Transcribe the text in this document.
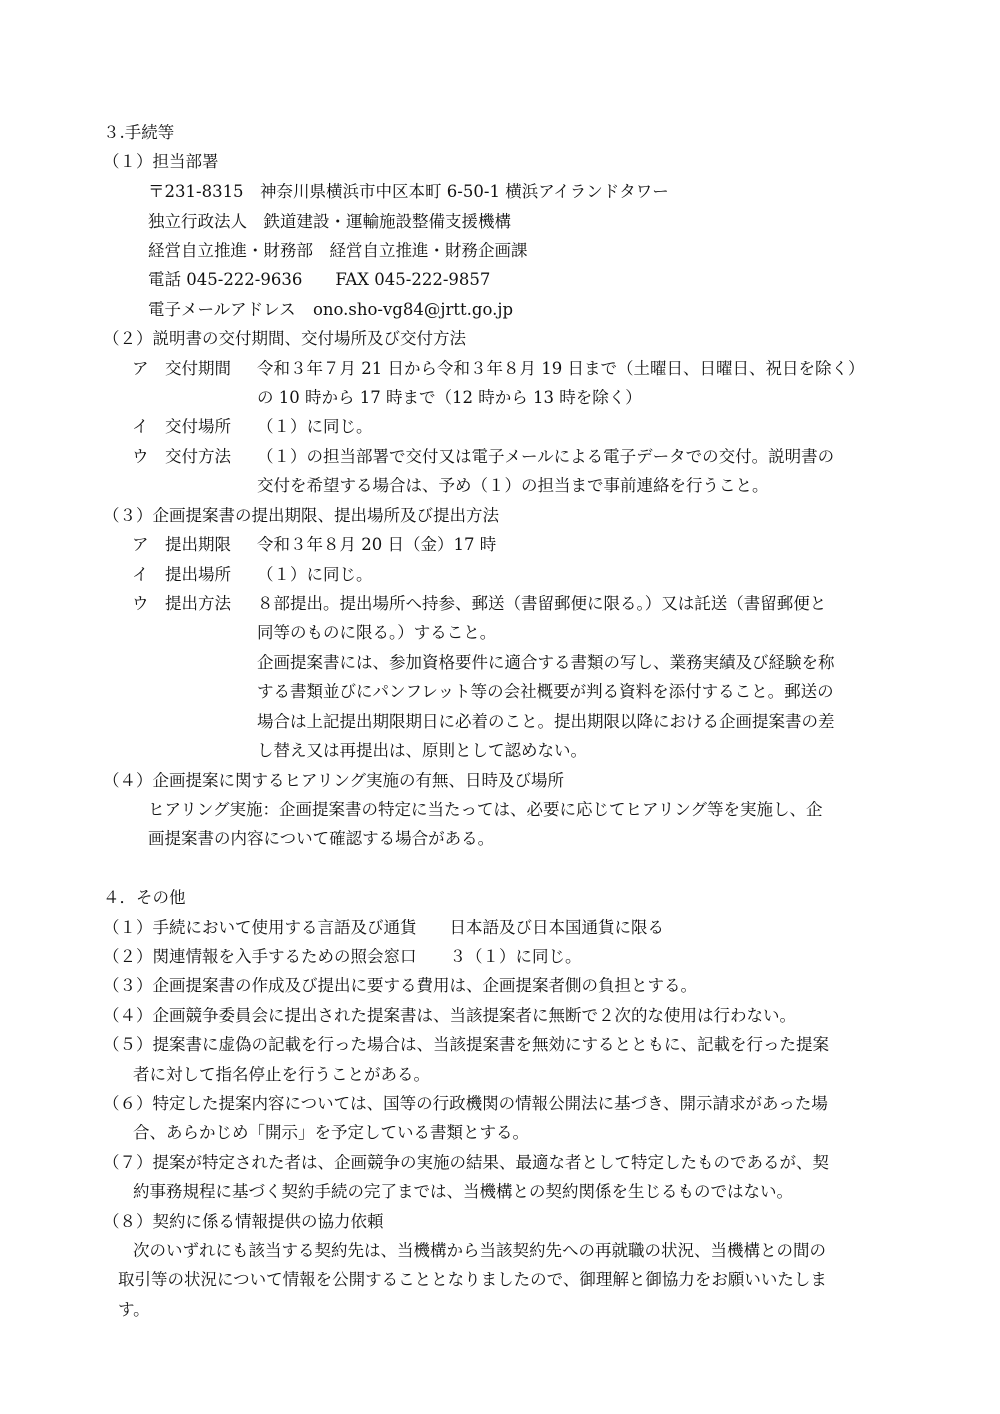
３.手続等
（１）担当部署
〒231-8315　神奈川県横浜市中区本町 6-50-1 横浜アイランドタワー
独立行政法人　鉄道建設・運輸施設整備支援機構
経営自立推進・財務部　経営自立推進・財務企画課
電話 045-222-9636　　FAX 045-222-9857
電子メールアドレス ono.sho-vg84@jrtt.go.jp
（２）説明書の交付期間、交付場所及び交付方法
ア　交付期間 令和３年７月 21 日から令和３年８月 19 日まで（土曜日、日曜日、祝日を除く）
の 10 時から 17 時まで（12 時から 13 時を除く）
イ　交付場所 （１）に同じ。
ウ　交付方法 （１）の担当部署で交付又は電子メールによる電子データでの交付。説明書の
交付を希望する場合は、予め（１）の担当まで事前連絡を行うこと。
（３）企画提案書の提出期限、提出場所及び提出方法
ア　提出期限 令和３年８月 20 日（金）17 時
イ　提出場所 （１）に同じ。
ウ　提出方法 ８部提出。提出場所へ持参、郵送（書留郵便に限る。）又は託送（書留郵便と
同等のものに限る。）すること。
企画提案書には、参加資格要件に適合する書類の写し、業務実績及び経験を称
する書類並びにパンフレット等の会社概要が判る資料を添付すること。郵送の
場合は上記提出期限期日に必着のこと。提出期限以降における企画提案書の差
し替え又は再提出は、原則として認めない。
（４）企画提案に関するヒアリング実施の有無、日時及び場所
ヒアリング実施：企画提案書の特定に当たっては、必要に応じてヒアリング等を実施し、企
画提案書の内容について確認する場合がある。
４．その他
（１）手続において使用する言語及び通貨　　日本語及び日本国通貨に限る
（２）関連情報を入手するための照会窓口　　３（１）に同じ。
（３）企画提案書の作成及び提出に要する費用は、企画提案者側の負担とする。
（４）企画競争委員会に提出された提案書は、当該提案者に無断で２次的な使用は行わない。
（５）提案書に虚偽の記載を行った場合は、当該提案書を無効にするとともに、記載を行った提案
者に対して指名停止を行うことがある。
（６）特定した提案内容については、国等の行政機関の情報公開法に基づき、開示請求があった場
合、あらかじめ「開示」を予定している書類とする。
（７）提案が特定された者は、企画競争の実施の結果、最適な者として特定したものであるが、契
約事務規程に基づく契約手続の完了までは、当機構との契約関係を生じるものではない。
（８）契約に係る情報提供の協力依頼
次のいずれにも該当する契約先は、当機構から当該契約先への再就職の状況、当機構との間の
取引等の状況について情報を公開することとなりましたので、御理解と御協力をお願いいたしま
す。
